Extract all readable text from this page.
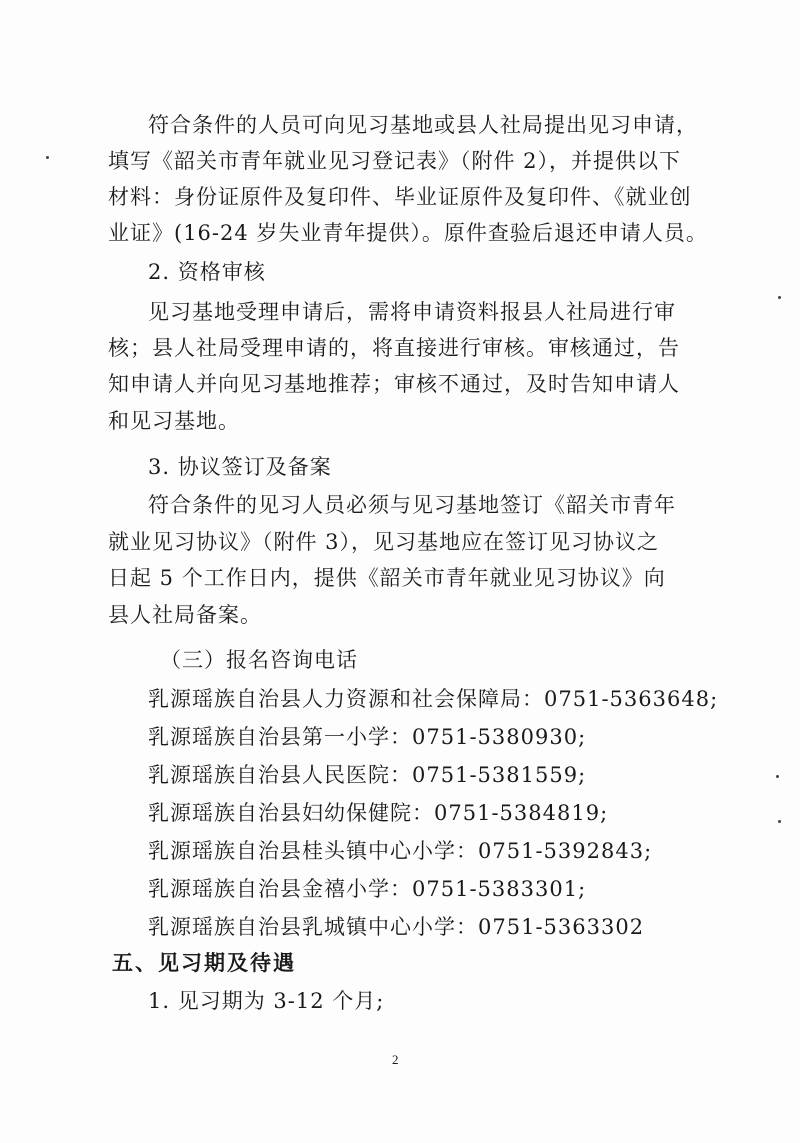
符合条件的人员可向见习基地或县人社局提出见习申请，
填写《韶关市青年就业见习登记表》（附件 2），并提供以下
材料：身份证原件及复印件、毕业证原件及复印件、《就业创
业证》(16-24 岁失业青年提供）。原件查验后退还申请人员。
2. 资格审核
见习基地受理申请后，需将申请资料报县人社局进行审
核；县人社局受理申请的，将直接进行审核。审核通过，告
知申请人并向见习基地推荐；审核不通过，及时告知申请人
和见习基地。
3. 协议签订及备案
符合条件的见习人员必须与见习基地签订《韶关市青年
就业见习协议》（附件 3），见习基地应在签订见习协议之
日起 5 个工作日内，提供《韶关市青年就业见习协议》向
县人社局备案。
（三）报名咨询电话
乳源瑶族自治县人力资源和社会保障局：0751-5363648;
乳源瑶族自治县第一小学：0751-5380930;
乳源瑶族自治县人民医院：0751-5381559;
乳源瑶族自治县妇幼保健院：0751-5384819;
乳源瑶族自治县桂头镇中心小学：0751-5392843;
乳源瑶族自治县金禧小学：0751-5383301;
乳源瑶族自治县乳城镇中心小学：0751-5363302
五、见习期及待遇
1. 见习期为 3-12 个月;
2
